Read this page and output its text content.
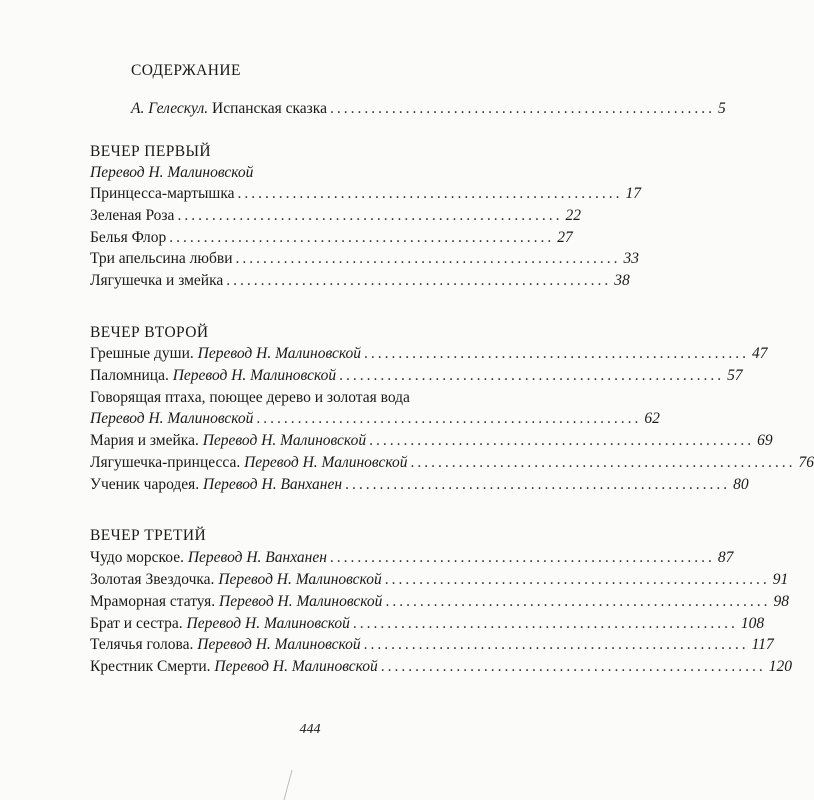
СОДЕРЖАНИЕ
А. Гелескул. Испанская сказка ........................................................ 5
ВЕЧЕР ПЕРВЫЙ
Перевод Н. Малиновской
Принцесса-мартышка ........................................................ 17
Зеленая Роза ........................................................ 22
Белья Флор ........................................................ 27
Три апельсина любви ........................................................ 33
Лягушечка и змейка ........................................................ 38
ВЕЧЕР ВТОРОЙ
Грешные души. Перевод Н. Малиновской ........................................................ 47
Паломница. Перевод Н. Малиновской ........................................................ 57
Говорящая птаха, поющее дерево и золотая вода
Перевод Н. Малиновской ........................................................ 62
Мария и змейка. Перевод Н. Малиновской ........................................................ 69
Лягушечка-принцесса. Перевод Н. Малиновской ........................................................ 76
Ученик чародея. Перевод Н. Ванханен ........................................................ 80
ВЕЧЕР ТРЕТИЙ
Чудо морское. Перевод Н. Ванханен ........................................................ 87
Золотая Звездочка. Перевод Н. Малиновской ........................................................ 91
Мраморная статуя. Перевод Н. Малиновской ........................................................ 98
Брат и сестра. Перевод Н. Малиновской ........................................................ 108
Телячья голова. Перевод Н. Малиновской ........................................................ 117
Крестник Смерти. Перевод Н. Малиновской ........................................................ 120
444
